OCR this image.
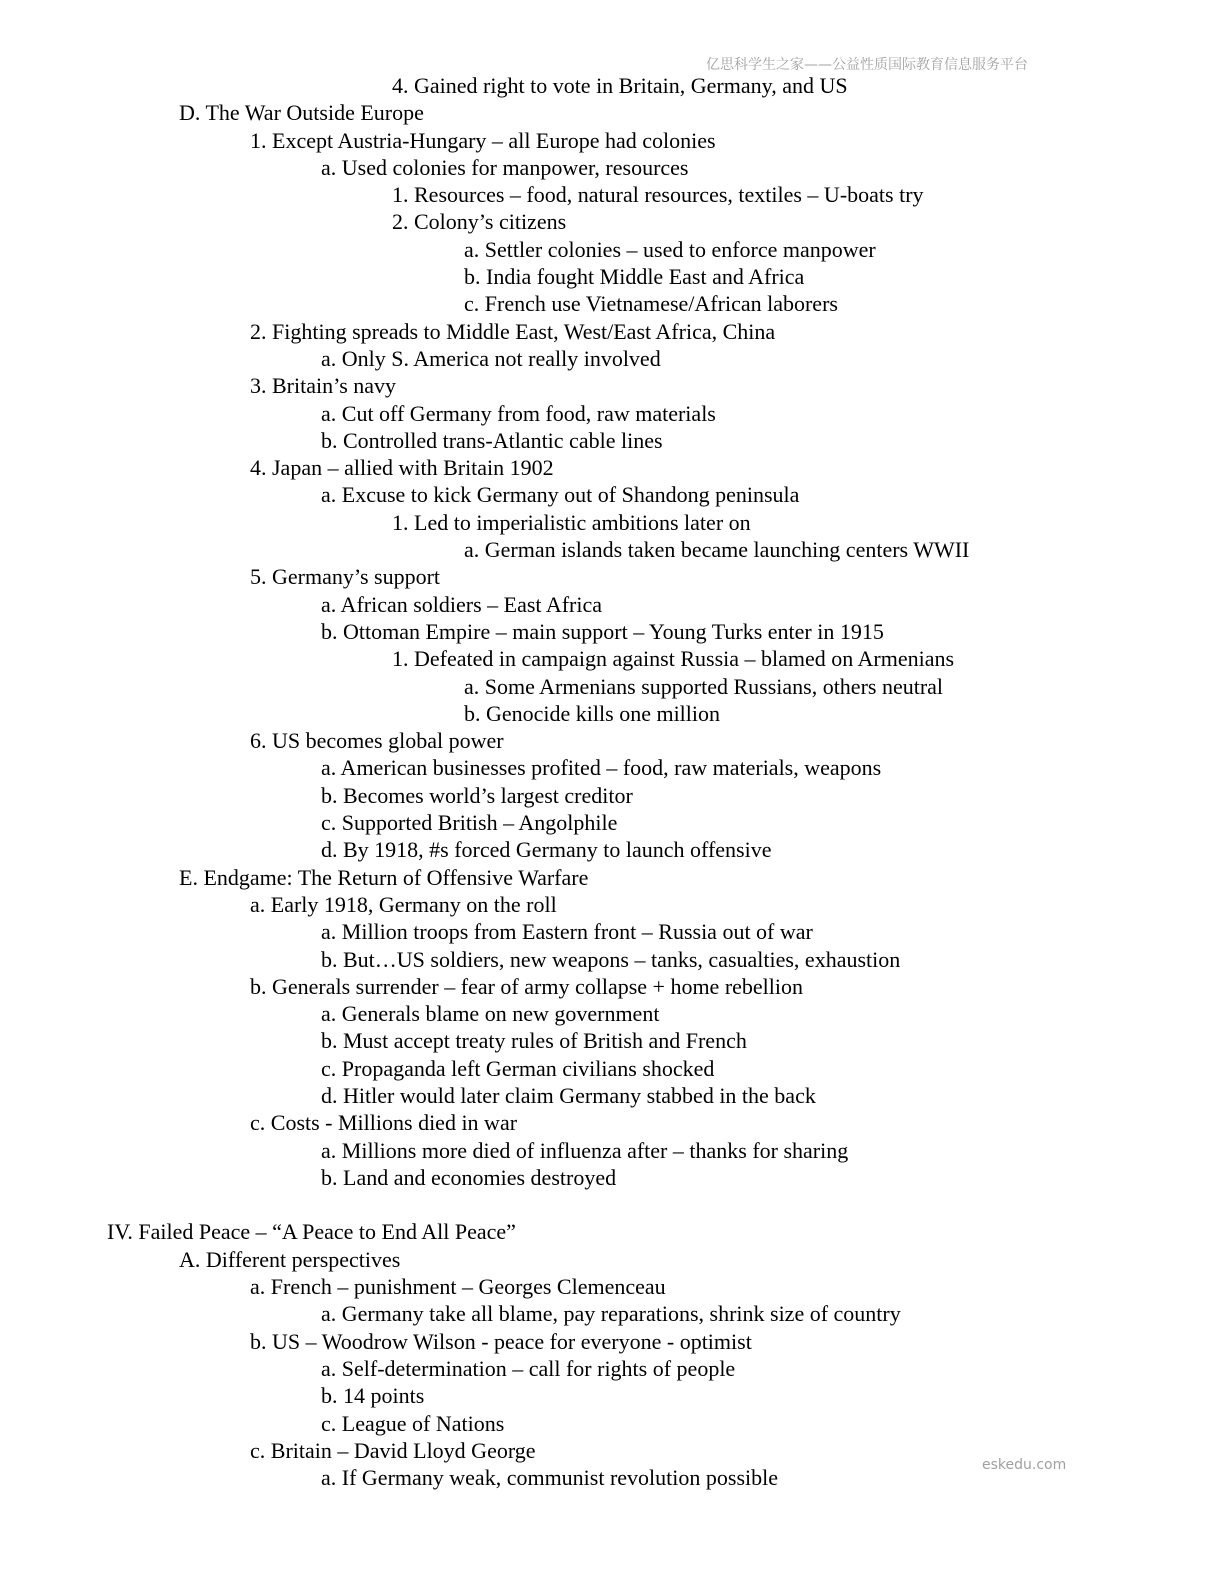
亿思科学生之家——公益性质国际教育信息服务平台
eskedu.com
4. Gained right to vote in Britain, Germany, and US
D. The War Outside Europe
1. Except Austria-Hungary – all Europe had colonies
a. Used colonies for manpower, resources
1. Resources – food, natural resources, textiles – U-boats try
2. Colony’s citizens
a. Settler colonies – used to enforce manpower
b. India fought Middle East and Africa
c. French use Vietnamese/African laborers
2. Fighting spreads to Middle East, West/East Africa, China
a. Only S. America not really involved
3. Britain’s navy
a. Cut off Germany from food, raw materials
b. Controlled trans-Atlantic cable lines
4. Japan – allied with Britain 1902
a. Excuse to kick Germany out of Shandong peninsula
1. Led to imperialistic ambitions later on
a. German islands taken became launching centers WWII
5. Germany’s support
a. African soldiers – East Africa
b. Ottoman Empire – main support – Young Turks enter in 1915
1. Defeated in campaign against Russia – blamed on Armenians
a. Some Armenians supported Russians, others neutral
b. Genocide kills one million
6. US becomes global power
a. American businesses profited – food, raw materials, weapons
b. Becomes world’s largest creditor
c. Supported British – Angolphile
d. By 1918, #s forced Germany to launch offensive
E. Endgame: The Return of Offensive Warfare
a. Early 1918, Germany on the roll
a. Million troops from Eastern front – Russia out of war
b. But…US soldiers, new weapons – tanks, casualties, exhaustion
b. Generals surrender – fear of army collapse + home rebellion
a. Generals blame on new government
b. Must accept treaty rules of British and French
c. Propaganda left German civilians shocked
d. Hitler would later claim Germany stabbed in the back
c. Costs - Millions died in war
a. Millions more died of influenza after – thanks for sharing
b. Land and economies destroyed
IV. Failed Peace – “A Peace to End All Peace”
A. Different perspectives
a. French – punishment – Georges Clemenceau
a. Germany take all blame, pay reparations, shrink size of country
b. US – Woodrow Wilson - peace for everyone - optimist
a. Self-determination – call for rights of people
b. 14 points
c. League of Nations
c. Britain – David Lloyd George
a. If Germany weak, communist revolution possible
